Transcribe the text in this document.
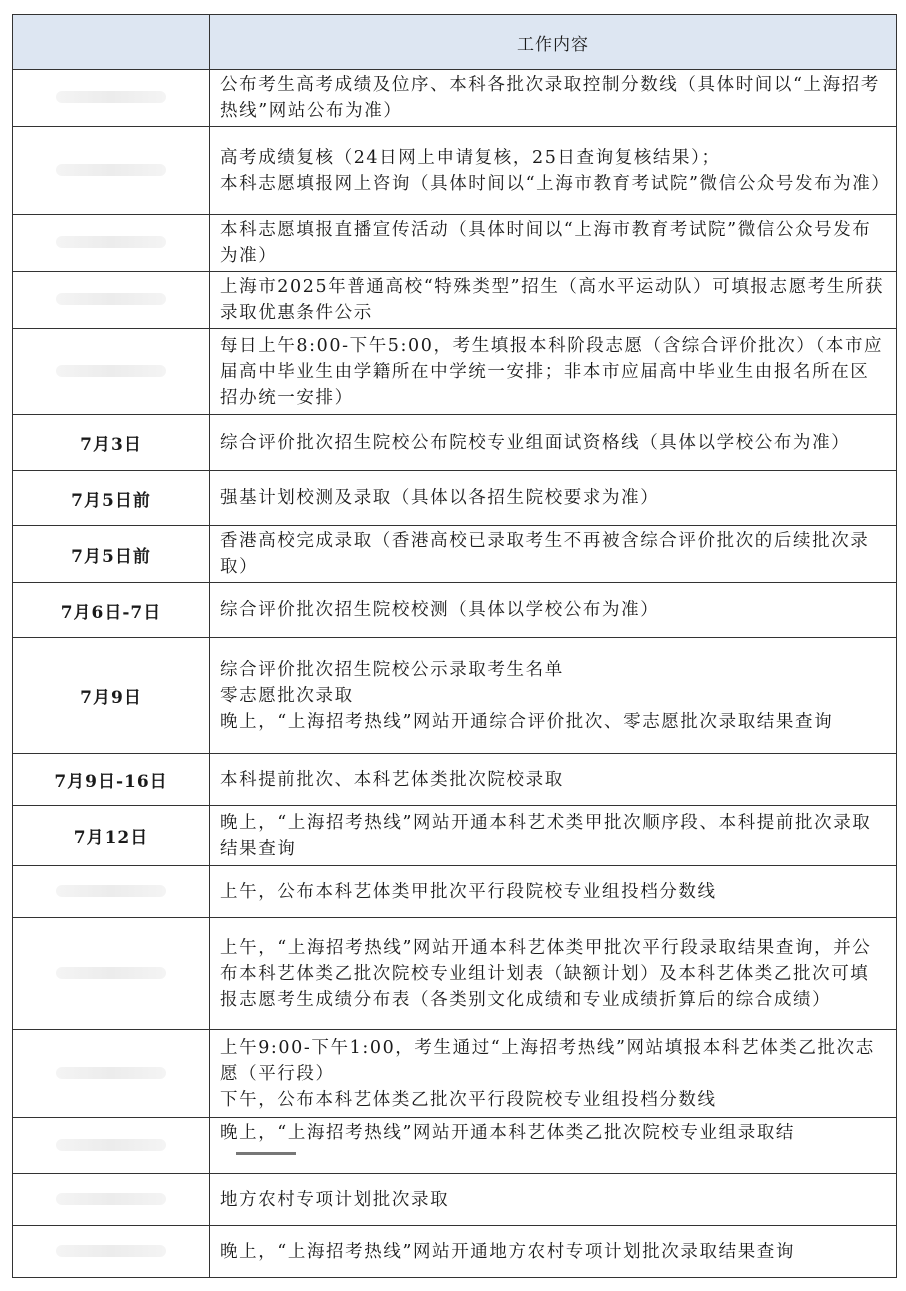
	工作内容

	公布考生高考成绩及位序、本科各批次录取控制分数线（具体时间以“上海招考热线”网站公布为准）

	高考成绩复核（24日网上申请复核，25日查询复核结果）；
本科志愿填报网上咨询（具体时间以“上海市教育考试院”微信公众号发布为准）

	本科志愿填报直播宣传活动（具体时间以“上海市教育考试院”微信公众号发布为准）

	上海市2025年普通高校“特殊类型”招生（高水平运动队）可填报志愿考生所获录取优惠条件公示

	每日上午8:00-下午5:00，考生填报本科阶段志愿（含综合评价批次）（本市应届高中毕业生由学籍所在中学统一安排；非本市应届高中毕业生由报名所在区招办统一安排）

7月3日	综合评价批次招生院校公布院校专业组面试资格线（具体以学校公布为准）

7月5日前	强基计划校测及录取（具体以各招生院校要求为准）

7月5日前	香港高校完成录取（香港高校已录取考生不再被含综合评价批次的后续批次录取）

7月6日-7日	综合评价批次招生院校校测（具体以学校公布为准）

7月9日	综合评价批次招生院校公示录取考生名单
零志愿批次录取
晚上，“上海招考热线”网站开通综合评价批次、零志愿批次录取结果查询

7月9日-16日	本科提前批次、本科艺体类批次院校录取

7月12日	晚上，“上海招考热线”网站开通本科艺术类甲批次顺序段、本科提前批次录取结果查询

	上午，公布本科艺体类甲批次平行段院校专业组投档分数线

	上午，“上海招考热线”网站开通本科艺体类甲批次平行段录取结果查询，并公布本科艺体类乙批次院校专业组计划表（缺额计划）及本科艺体类乙批次可填报志愿考生成绩分布表（各类别文化成绩和专业成绩折算后的综合成绩）

	上午9:00-下午1:00，考生通过“上海招考热线”网站填报本科艺体类乙批次志愿（平行段）
下午，公布本科艺体类乙批次平行段院校专业组投档分数线

	晚上，“上海招考热线”网站开通本科艺体类乙批次院校专业组录取结

	地方农村专项计划批次录取

	晚上，“上海招考热线”网站开通地方农村专项计划批次录取结果查询
